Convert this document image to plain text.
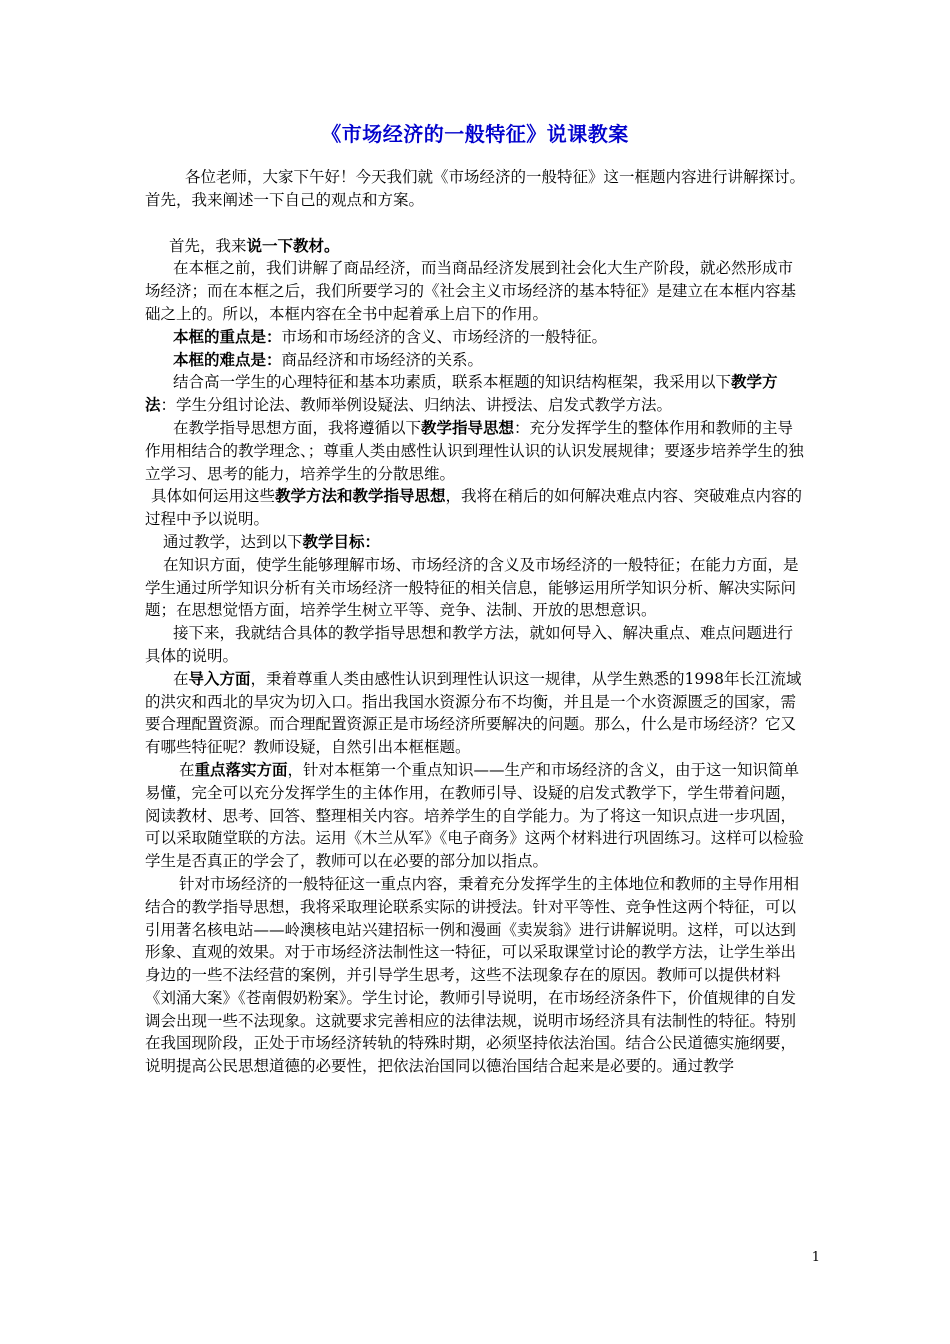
《市场经济的一般特征》说课教案

各位老师，大家下午好！今天我们就《市场经济的一般特征》这一框题内容进行讲解探讨。首先，我来阐述一下自己的观点和方案。

首先，我来说一下教材。

在本框之前，我们讲解了商品经济，而当商品经济发展到社会化大生产阶段，就必然形成市场经济；而在本框之后，我们所要学习的《社会主义市场经济的基本特征》是建立在本框内容基础之上的。所以，本框内容在全书中起着承上启下的作用。

本框的重点是：市场和市场经济的含义、市场经济的一般特征。

本框的难点是：商品经济和市场经济的关系。

结合高一学生的心理特征和基本功素质，联系本框题的知识结构框架，我采用以下教学方法：学生分组讨论法、教师举例设疑法、归纳法、讲授法、启发式教学方法。

在教学指导思想方面，我将遵循以下教学指导思想：充分发挥学生的整体作用和教师的主导作用相结合的教学理念、；尊重人类由感性认识到理性认识的认识发展规律；要逐步培养学生的独立学习、思考的能力，培养学生的分散思维。

具体如何运用这些教学方法和教学指导思想，我将在稍后的如何解决难点内容、突破难点内容的过程中予以说明。

通过教学，达到以下教学目标：

在知识方面，使学生能够理解市场、市场经济的含义及市场经济的一般特征；在能力方面，是学生通过所学知识分析有关市场经济一般特征的相关信息，能够运用所学知识分析、解决实际问题；在思想觉悟方面，培养学生树立平等、竞争、法制、开放的思想意识。

接下来，我就结合具体的教学指导思想和教学方法，就如何导入、解决重点、难点问题进行具体的说明。

在导入方面，秉着尊重人类由感性认识到理性认识这一规律，从学生熟悉的1998年长江流域的洪灾和西北的旱灾为切入口。指出我国水资源分布不均衡，并且是一个水资源匮乏的国家，需要合理配置资源。而合理配置资源正是市场经济所要解决的问题。那么，什么是市场经济？它又有哪些特征呢？教师设疑，自然引出本框框题。

在重点落实方面，针对本框第一个重点知识——生产和市场经济的含义，由于这一知识简单易懂，完全可以充分发挥学生的主体作用，在教师引导、设疑的启发式教学下，学生带着问题，阅读教材、思考、回答、整理相关内容。培养学生的自学能力。为了将这一知识点进一步巩固，可以采取随堂联的方法。运用《木兰从军》《电子商务》这两个材料进行巩固练习。这样可以检验学生是否真正的学会了，教师可以在必要的部分加以指点。

针对市场经济的一般特征这一重点内容，秉着充分发挥学生的主体地位和教师的主导作用相结合的教学指导思想，我将采取理论联系实际的讲授法。针对平等性、竞争性这两个特征，可以引用著名核电站——岭澳核电站兴建招标一例和漫画《卖炭翁》进行讲解说明。这样，可以达到形象、直观的效果。对于市场经济法制性这一特征，可以采取课堂讨论的教学方法，让学生举出身边的一些不法经营的案例，并引导学生思考，这些不法现象存在的原因。教师可以提供材料《刘涌大案》《苍南假奶粉案》。学生讨论，教师引导说明，在市场经济条件下，价值规律的自发调会出现一些不法现象。这就要求完善相应的法律法规，说明市场经济具有法制性的特征。特别在我国现阶段，正处于市场经济转轨的特殊时期，必须坚持依法治国。结合公民道德实施纲要，说明提高公民思想道德的必要性，把依法治国同以德治国结合起来是必要的。通过教学

1
